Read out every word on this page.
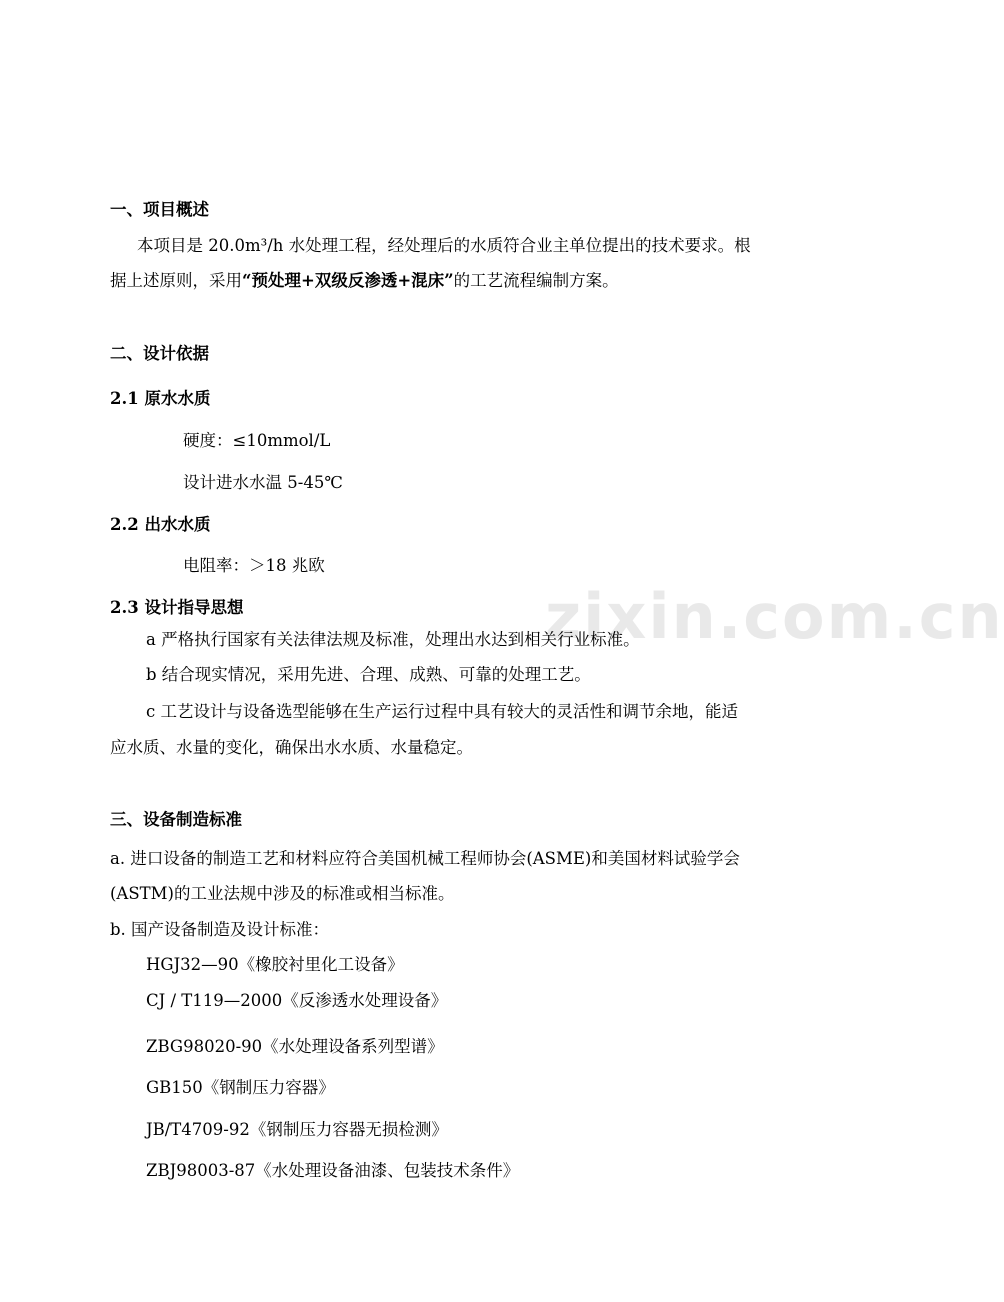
zixin.com.cn
一、项目概述
本项目是 20.0m³/h 水处理工程，经处理后的水质符合业主单位提出的技术要求。根
据上述原则，采用“预处理+双级反渗透+混床”的工艺流程编制方案。
二、设计依据
2.1 原水水质
硬度：≤10mmol/L
设计进水水温 5-45℃
2.2 出水水质
电阻率：＞18 兆欧
2.3 设计指导思想
a 严格执行国家有关法律法规及标准，处理出水达到相关行业标准。
b 结合现实情况，采用先进、合理、成熟、可靠的处理工艺。
c 工艺设计与设备选型能够在生产运行过程中具有较大的灵活性和调节余地，能适
应水质、水量的变化，确保出水水质、水量稳定。
三、设备制造标准
a. 进口设备的制造工艺和材料应符合美国机械工程师协会(ASME)和美国材料试验学会
(ASTM)的工业法规中涉及的标准或相当标准。
b. 国产设备制造及设计标准：
HGJ32—90《橡胶衬里化工设备》
CJ / T119—2000《反渗透水处理设备》
ZBG98020-90《水处理设备系列型谱》
GB150《钢制压力容器》
JB/T4709-92《钢制压力容器无损检测》
ZBJ98003-87《水处理设备油漆、包装技术条件》
